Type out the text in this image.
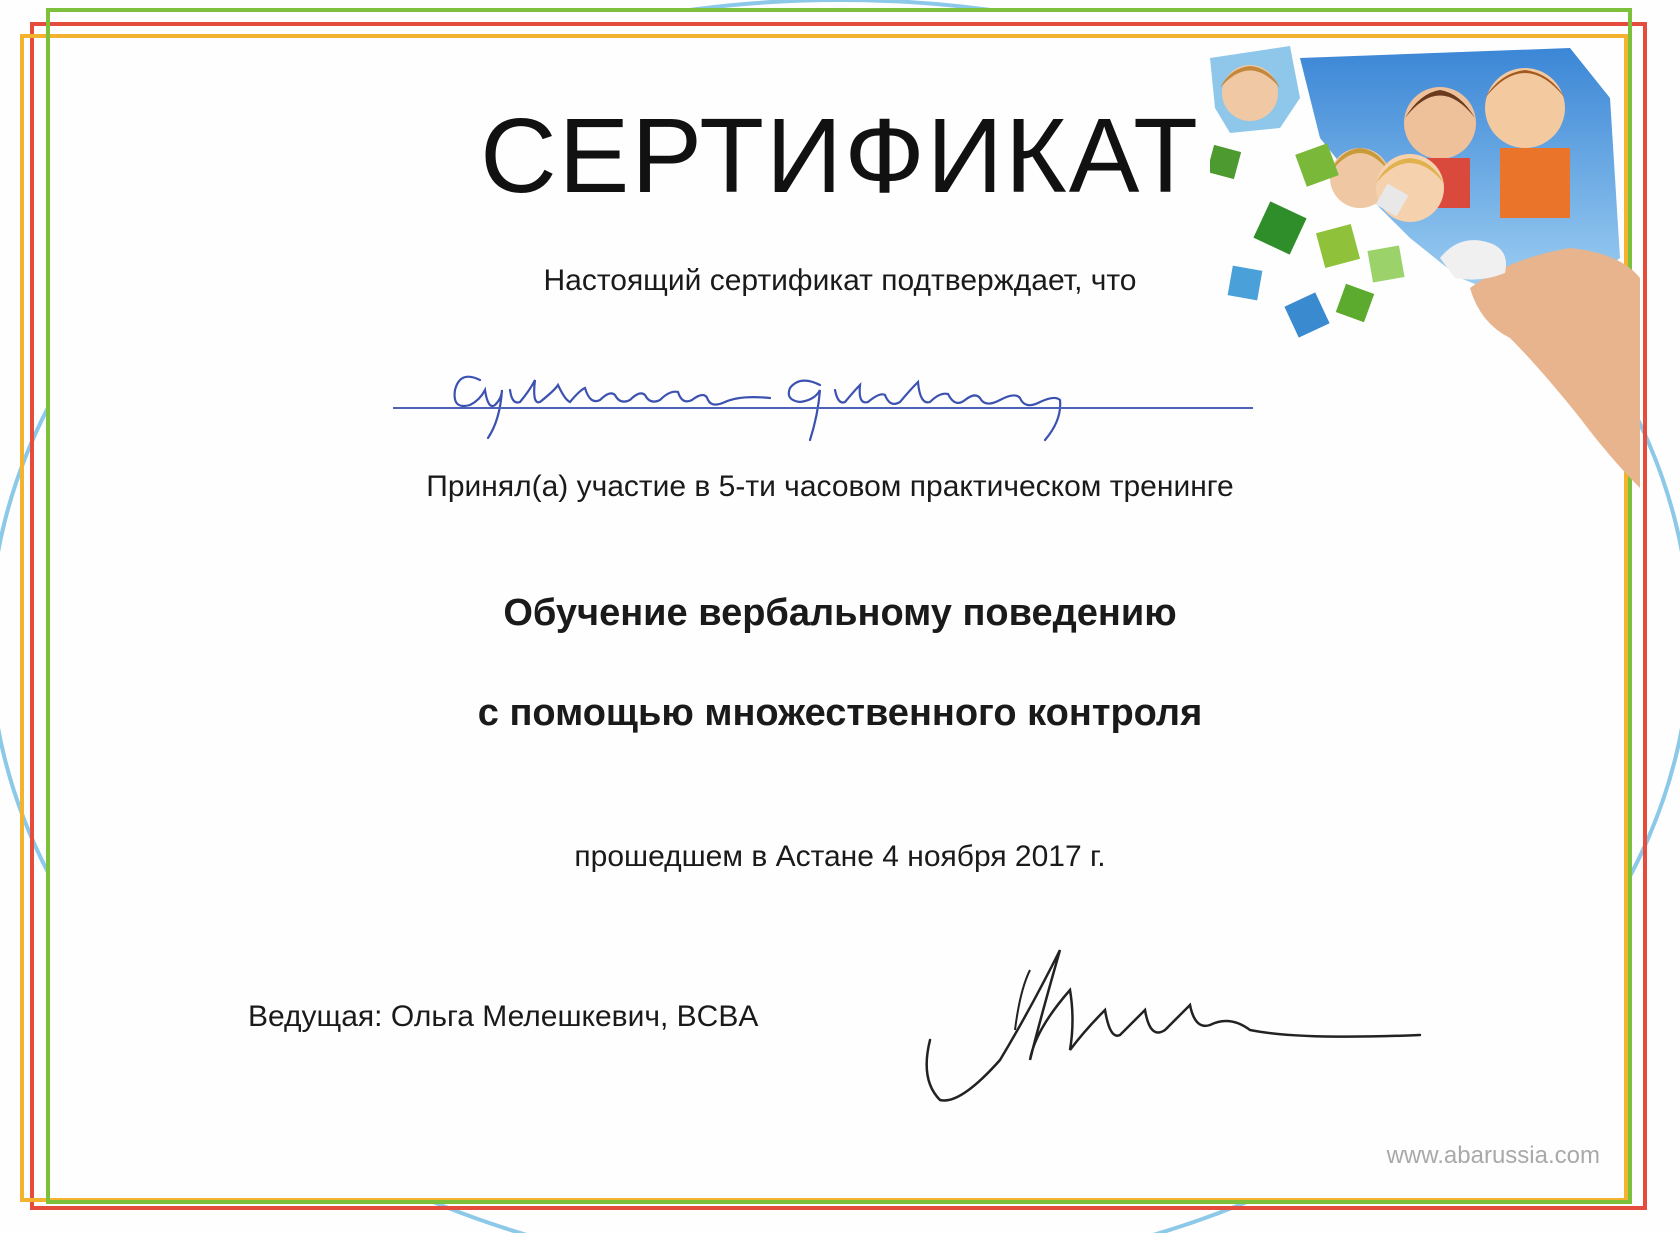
СЕРТИФИКАТ
Настоящий сертификат подтверждает, что
Принял(а) участие в 5-ти часовом практическом тренинге
Обучение вербальному поведению
с помощью множественного контроля
прошедшем в Астане 4 ноября 2017 г.
Ведущая: Ольга Мелешкевич, BCBA
www.abarussia.com
